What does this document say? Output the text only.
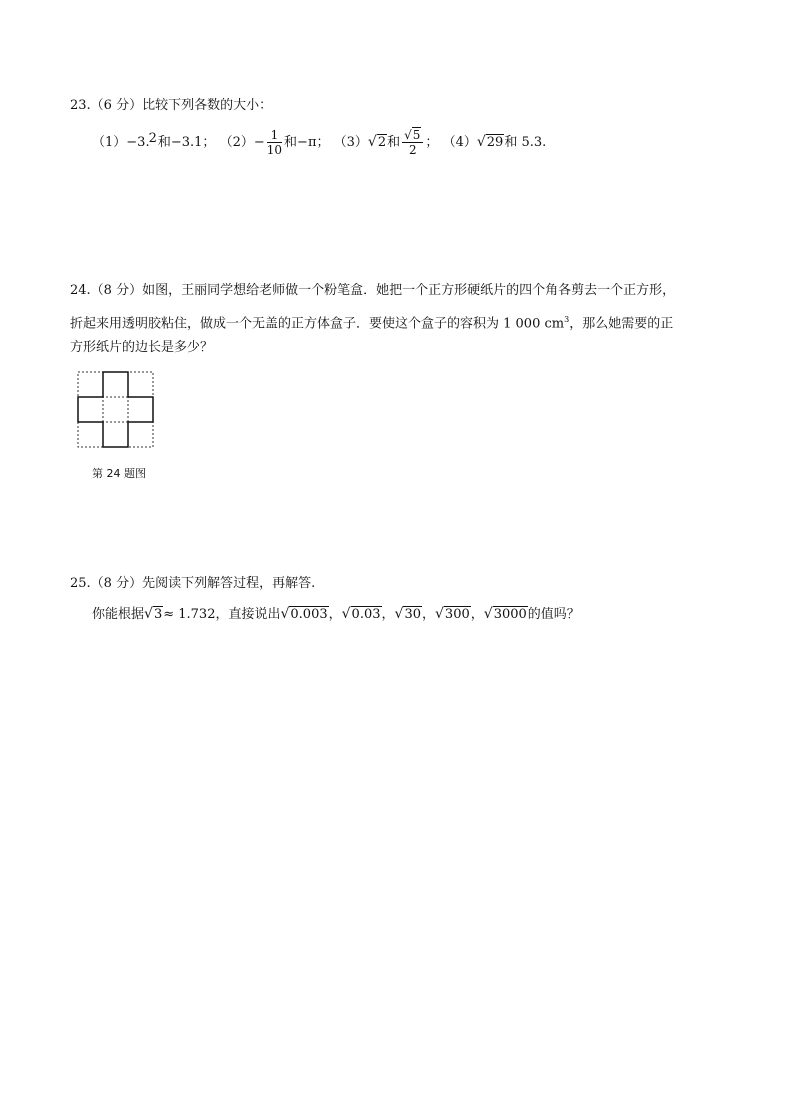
23.（6 分）比较下列各数的大小：
（1）−3.2和−3.1； $(2)- \frac{1}{10}$ 和−π； （3）√2和 $\frac{√5}{2}$ ； （4）√29和 5.3.
24.（8 分）如图，王丽同学想给老师做一个粉笔盒．她把一个正方形硬纸片的四个角各剪去一个正方形，
折起来用透明胶粘住，做成一个无盖的正方体盒子．要使这个盒子的容积为 1 000 $cm^3$，那么她需要的正
方形纸片的边长是多少？
第 24 题图
25.（8 分）先阅读下列解答过程，再解答.
你能根据√3≈ 1.732，直接说出√0.003，√0.03，√30，√300，√3000的值吗？
